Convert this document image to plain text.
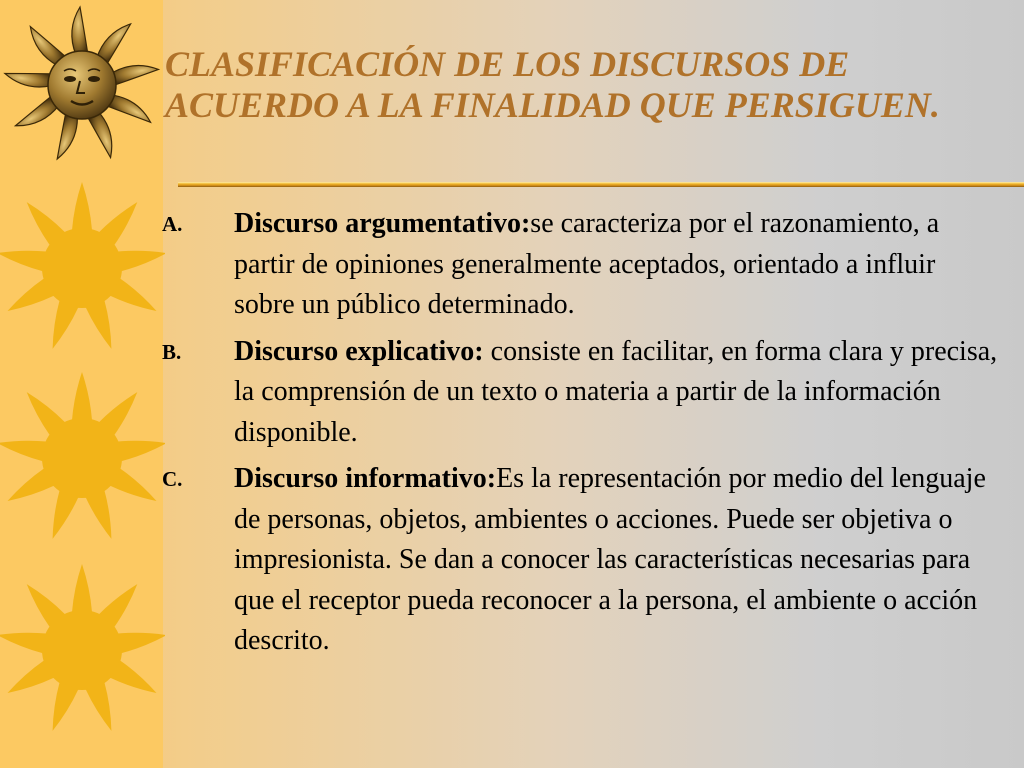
CLASIFICACIÓN DE LOS DISCURSOS DE ACUERDO A LA FINALIDAD QUE PERSIGUEN.
A. Discurso argumentativo:se caracteriza por el razonamiento, a partir de opiniones generalmente aceptados, orientado a influir sobre un público determinado.
B. Discurso explicativo: consiste en facilitar, en forma clara y precisa, la comprensión de un texto o materia a partir de la información disponible.
C. Discurso informativo:Es la representación por medio del lenguaje de personas, objetos, ambientes o acciones. Puede ser objetiva o impresionista. Se dan a conocer las características necesarias para que el receptor pueda reconocer a la persona, el ambiente o acción descrito.
